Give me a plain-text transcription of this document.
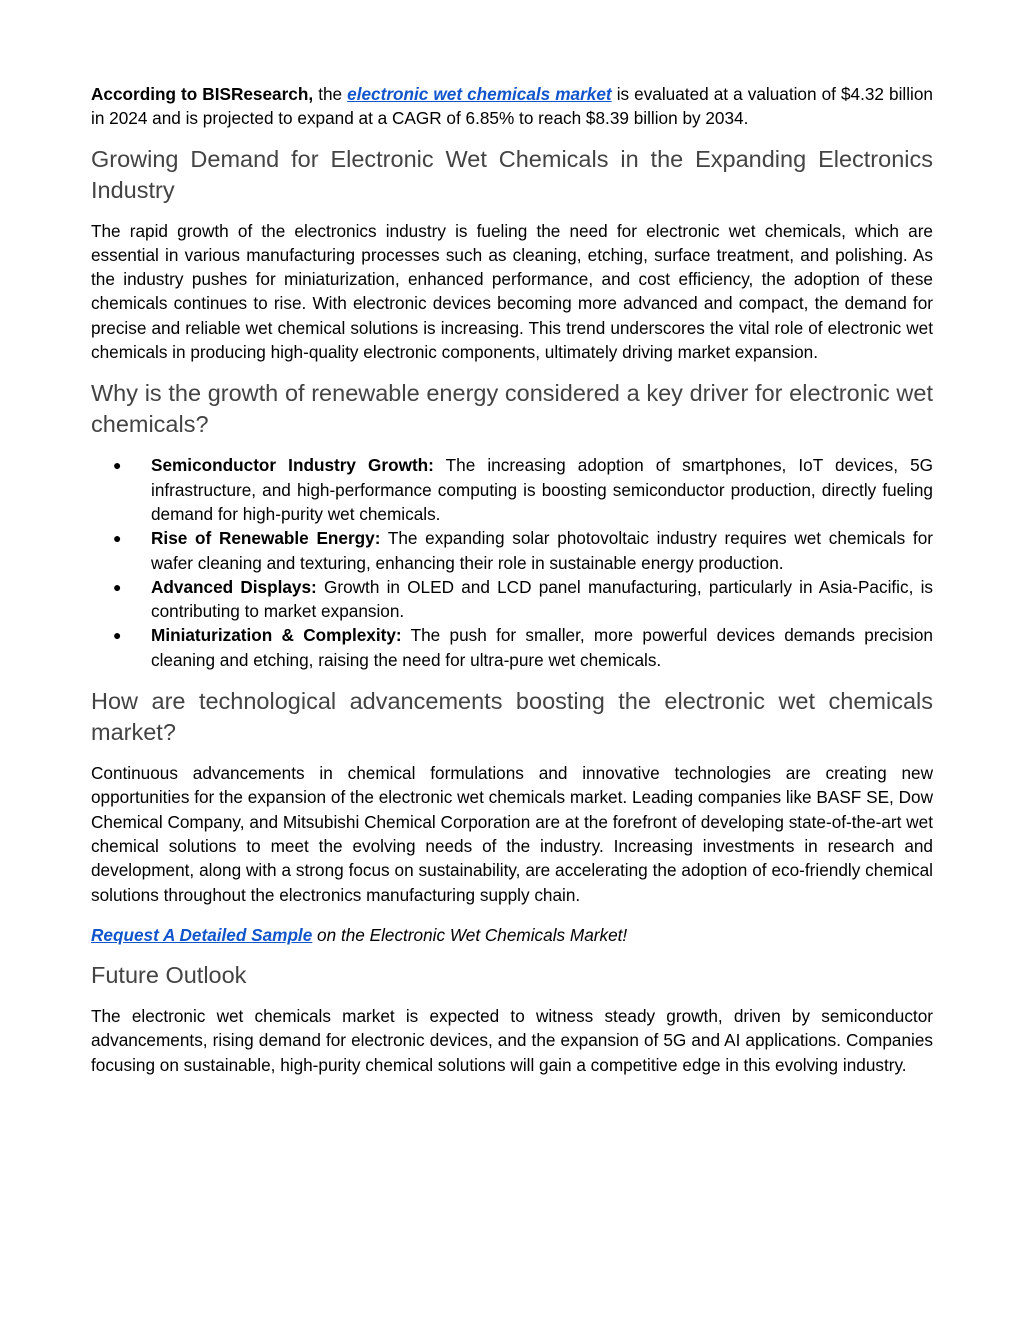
According to BISResearch, the electronic wet chemicals market is evaluated at a valuation of $4.32 billion in 2024 and is projected to expand at a CAGR of 6.85% to reach $8.39 billion by 2034.

Growing Demand for Electronic Wet Chemicals in the Expanding Electronics Industry

The rapid growth of the electronics industry is fueling the need for electronic wet chemicals, which are essential in various manufacturing processes such as cleaning, etching, surface treatment, and polishing. As the industry pushes for miniaturization, enhanced performance, and cost efficiency, the adoption of these chemicals continues to rise. With electronic devices becoming more advanced and compact, the demand for precise and reliable wet chemical solutions is increasing. This trend underscores the vital role of electronic wet chemicals in producing high-quality electronic components, ultimately driving market expansion.

Why is the growth of renewable energy considered a key driver for electronic wet chemicals?
● Semiconductor Industry Growth: The increasing adoption of smartphones, IoT devices, 5G infrastructure, and high-performance computing is boosting semiconductor production, directly fueling demand for high-purity wet chemicals.
● Rise of Renewable Energy: The expanding solar photovoltaic industry requires wet chemicals for wafer cleaning and texturing, enhancing their role in sustainable energy production.
● Advanced Displays: Growth in OLED and LCD panel manufacturing, particularly in Asia-Pacific, is contributing to market expansion.
● Miniaturization & Complexity: The push for smaller, more powerful devices demands precision cleaning and etching, raising the need for ultra-pure wet chemicals.
How are technological advancements boosting the electronic wet chemicals market?

Continuous advancements in chemical formulations and innovative technologies are creating new opportunities for the expansion of the electronic wet chemicals market. Leading companies like BASF SE, Dow Chemical Company, and Mitsubishi Chemical Corporation are at the forefront of developing state-of-the-art wet chemical solutions to meet the evolving needs of the industry. Increasing investments in research and development, along with a strong focus on sustainability, are accelerating the adoption of eco-friendly chemical solutions throughout the electronics manufacturing supply chain.

Request A Detailed Sample on the Electronic Wet Chemicals Market!

Future Outlook

The electronic wet chemicals market is expected to witness steady growth, driven by semiconductor advancements, rising demand for electronic devices, and the expansion of 5G and AI applications. Companies focusing on sustainable, high-purity chemical solutions will gain a competitive edge in this evolving industry.
